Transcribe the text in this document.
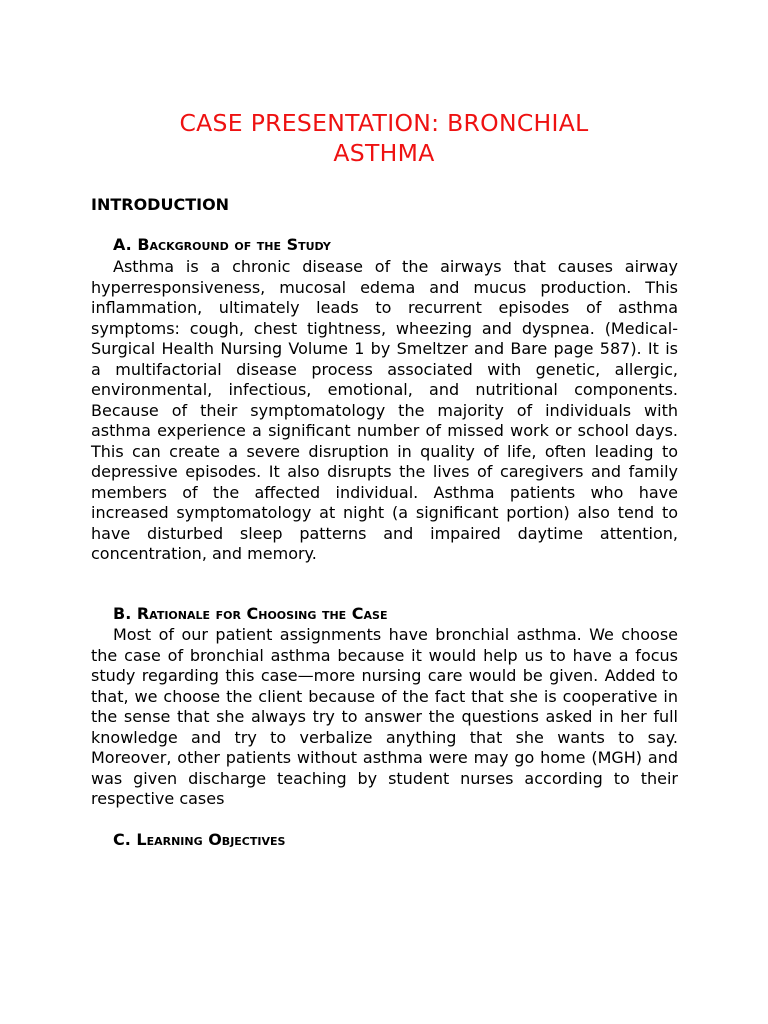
CASE PRESENTATION: BRONCHIAL
ASTHMA
INTRODUCTION
A. Background of the Study

Asthma is a chronic disease of the airways that causes airway hyperresponsiveness, mucosal edema and mucus production. This inflammation, ultimately leads to recurrent episodes of asthma symptoms: cough, chest tightness, wheezing and dyspnea. (Medical-Surgical Health Nursing Volume 1 by Smeltzer and Bare page 587). It is a multifactorial disease process associated with genetic, allergic, environmental, infectious, emotional, and nutritional components. Because of their symptomatology the majority of individuals with asthma experience a significant number of missed work or school days. This can create a severe disruption in quality of life, often leading to depressive episodes. It also disrupts the lives of caregivers and family members of the affected individual. Asthma patients who have increased symptomatology at night (a significant portion) also tend to have disturbed sleep patterns and impaired daytime attention, concentration, and memory.

B. Rationale for Choosing the Case

Most of our patient assignments have bronchial asthma. We choose the case of bronchial asthma because it would help us to have a focus study regarding this case—more nursing care would be given. Added to that, we choose the client because of the fact that she is cooperative in the sense that she always try to answer the questions asked in her full knowledge and try to verbalize anything that she wants to say. Moreover, other patients without asthma were may go home (MGH) and was given discharge teaching by student nurses according to their respective cases

C. Learning Objectives
